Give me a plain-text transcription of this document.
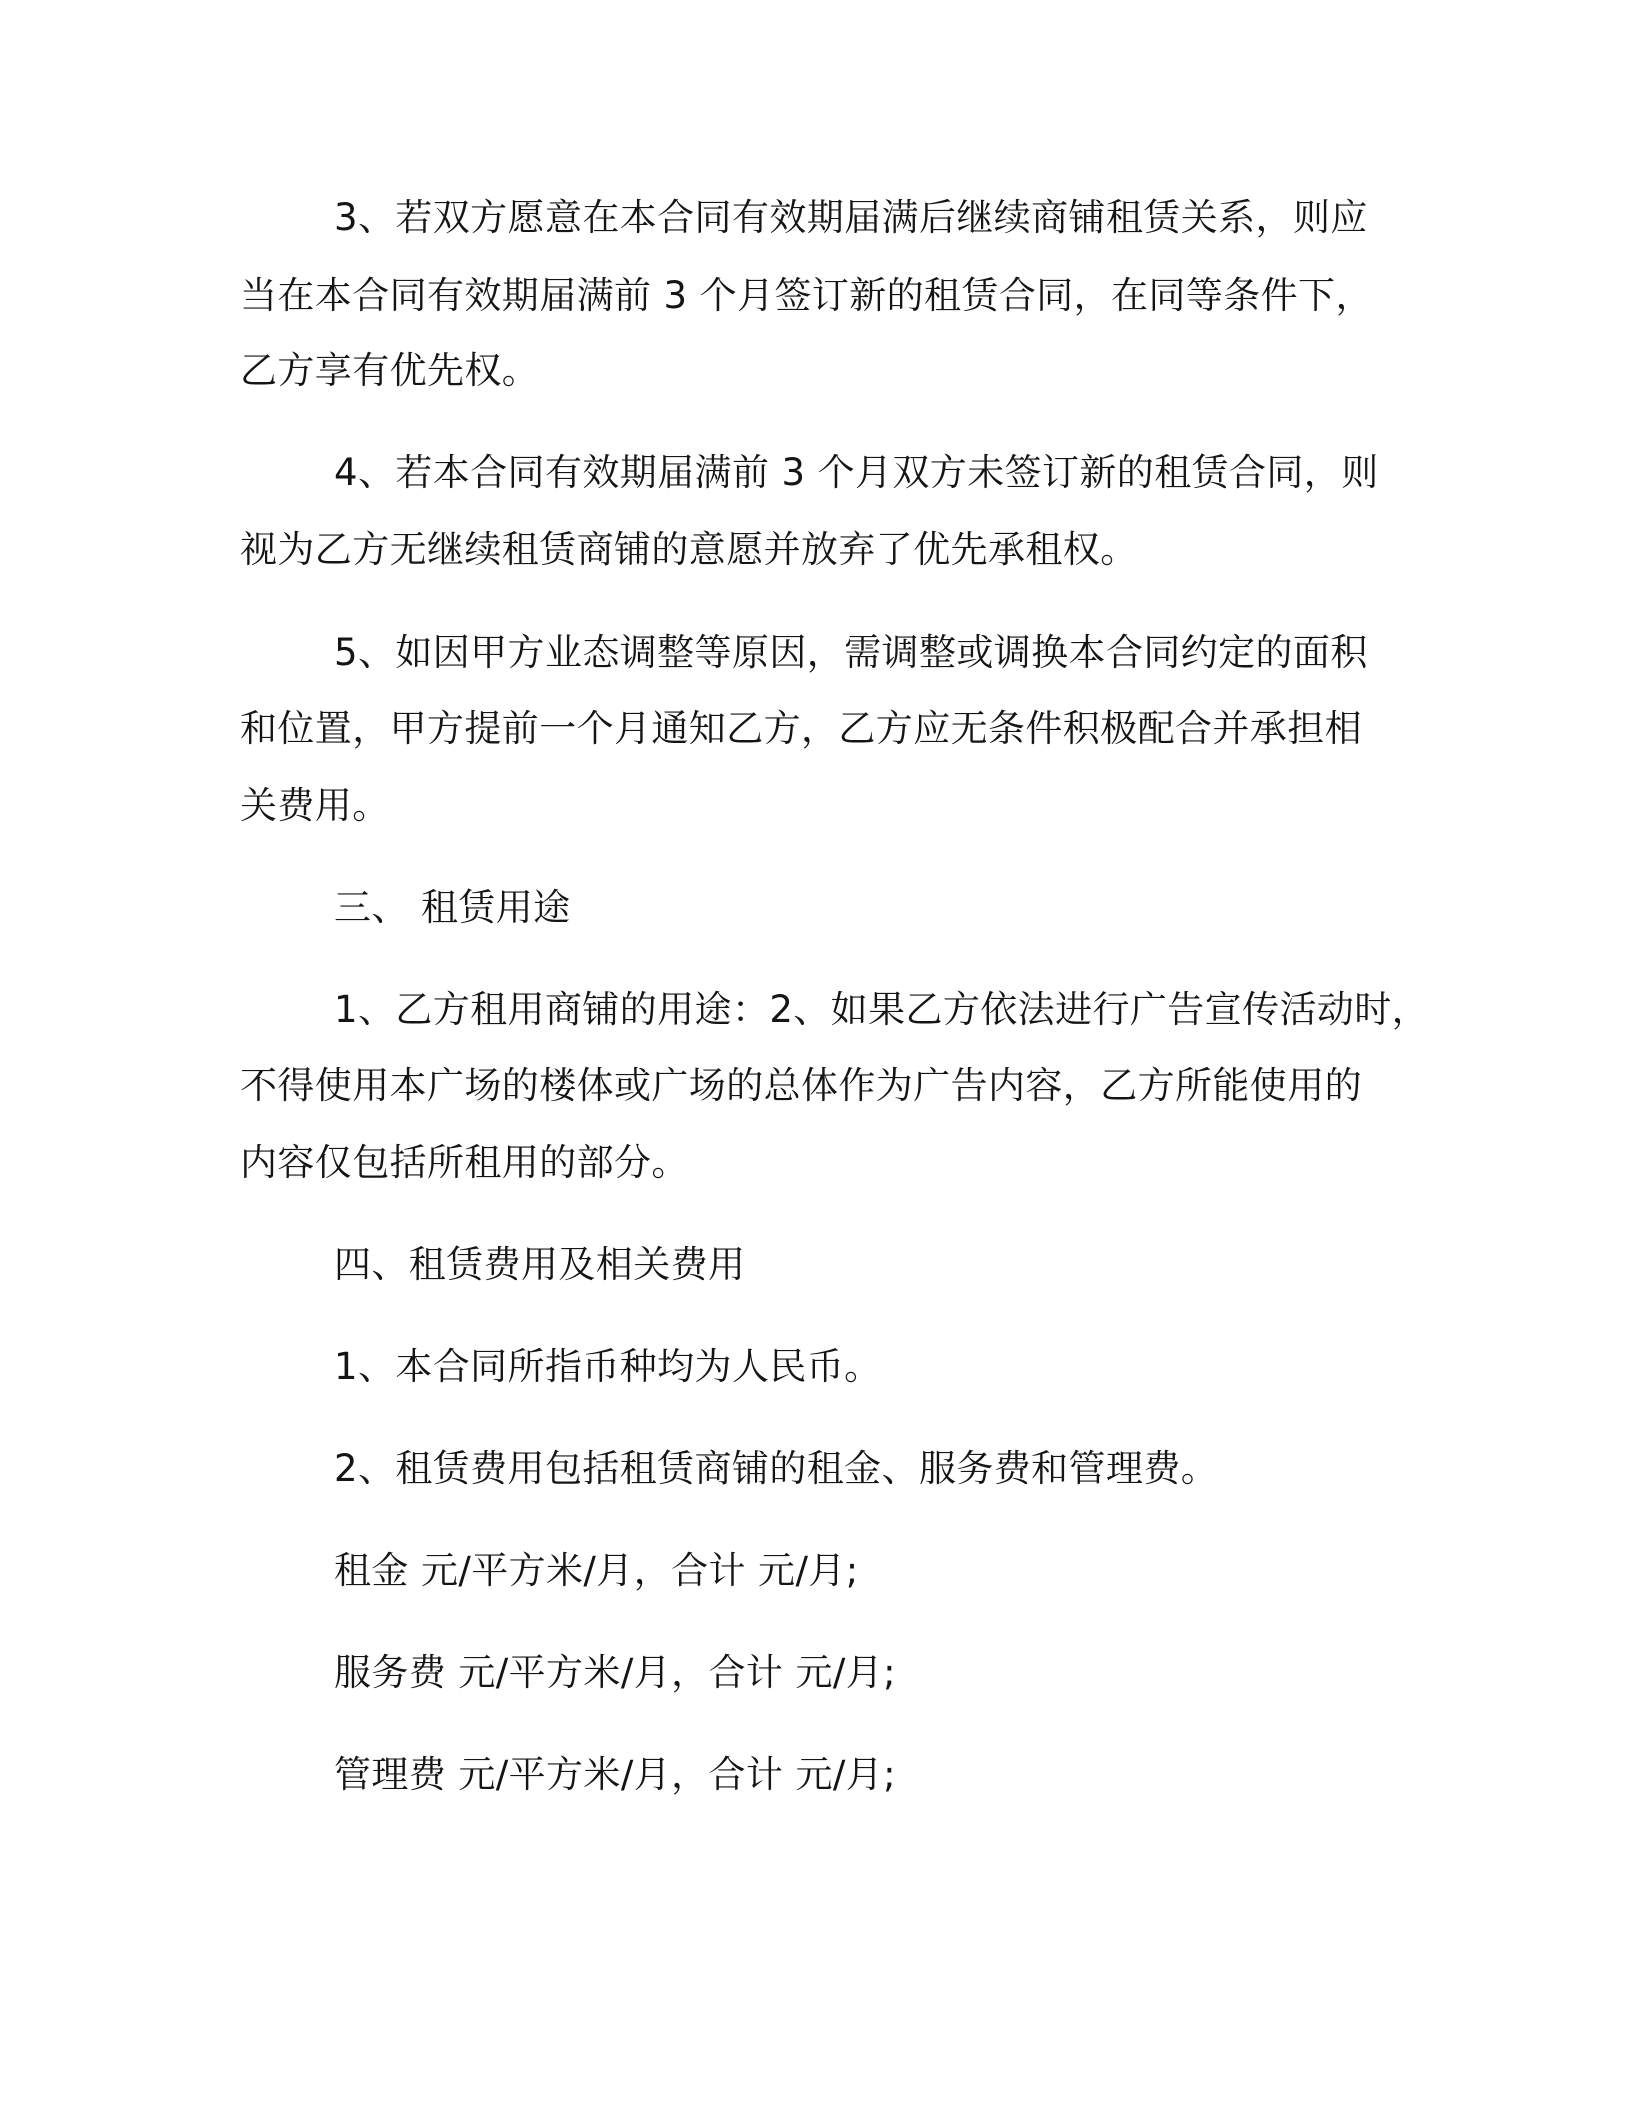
3、若双方愿意在本合同有效期届满后继续商铺租赁关系，则应
当在本合同有效期届满前 3 个月签订新的租赁合同，在同等条件下，
乙方享有优先权。
4、若本合同有效期届满前 3 个月双方未签订新的租赁合同，则
视为乙方无继续租赁商铺的意愿并放弃了优先承租权。
5、如因甲方业态调整等原因，需调整或调换本合同约定的面积
和位置，甲方提前一个月通知乙方，乙方应无条件积极配合并承担相
关费用。
三、 租赁用途
1、乙方租用商铺的用途：2、如果乙方依法进行广告宣传活动时，
不得使用本广场的楼体或广场的总体作为广告内容，乙方所能使用的
内容仅包括所租用的部分。
四、租赁费用及相关费用
1、本合同所指币种均为人民币。
2、租赁费用包括租赁商铺的租金、服务费和管理费。
租金 元/平方米/月，合计 元/月;
服务费 元/平方米/月，合计 元/月;
管理费 元/平方米/月，合计 元/月;
